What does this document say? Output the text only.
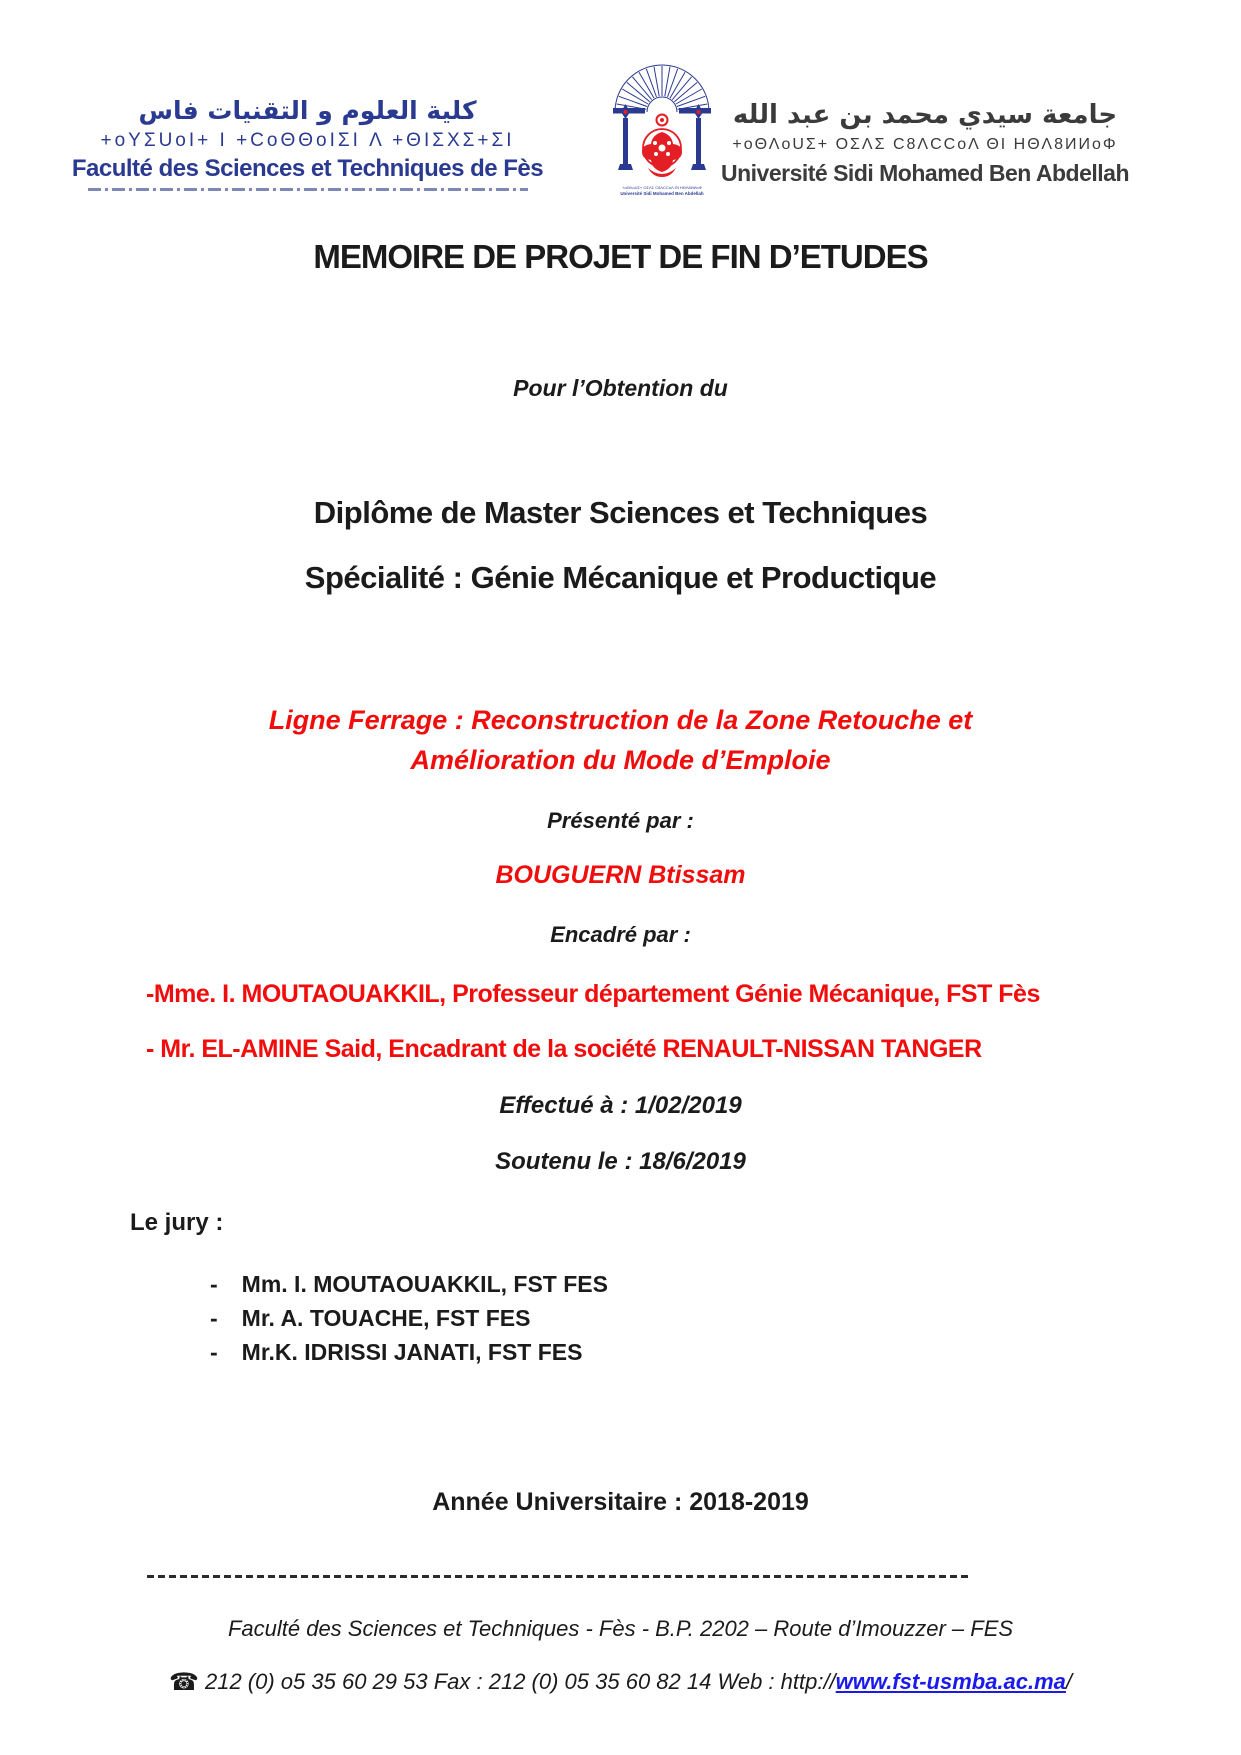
كلية العلوم و التقنيات فاس
+oYΣUoI+ I +CoΘΘoIΣI Λ +ΘIΣXΣ+ΣI
Faculté des Sciences et Techniques de Fès
+oΘΛoUΣ+ OΣΛΣ C8ΛCCoΛ ΘI HΘΛ8ИИoΦ
Université Sidi Mohamed Ben Abdellah
جامعة سيدي محمد بن عبد الله
+oΘΛoUΣ+ OΣΛΣ C8ΛCCoΛ ΘI HΘΛ8ИИoΦ
Université Sidi Mohamed Ben Abdellah
MEMOIRE DE PROJET DE FIN D’ETUDES
Pour l’Obtention du
Diplôme de Master Sciences et Techniques
Spécialité : Génie Mécanique et Productique
Ligne Ferrage : Reconstruction de la Zone Retouche et
Amélioration du Mode d’Emploie
Présenté par :
BOUGUERN Btissam
Encadré par :
-Mme. I. MOUTAOUAKKIL, Professeur département Génie Mécanique, FST Fès
- Mr. EL-AMINE Said, Encadrant de la société RENAULT-NISSAN TANGER
Effectué à : 1/02/2019
Soutenu le : 18/6/2019
Le jury :
- Mm. I. MOUTAOUAKKIL, FST FES
- Mr. A. TOUACHE, FST FES
- Mr.K. IDRISSI JANATI, FST FES
Année Universitaire : 2018-2019
Faculté des Sciences et Techniques - Fès - B.P. 2202 – Route d’Imouzzer – FES
☎ 212 (0) o5 35 60 29 53 Fax : 212 (0) 05 35 60 82 14 Web : http://www.fst-usmba.ac.ma/
